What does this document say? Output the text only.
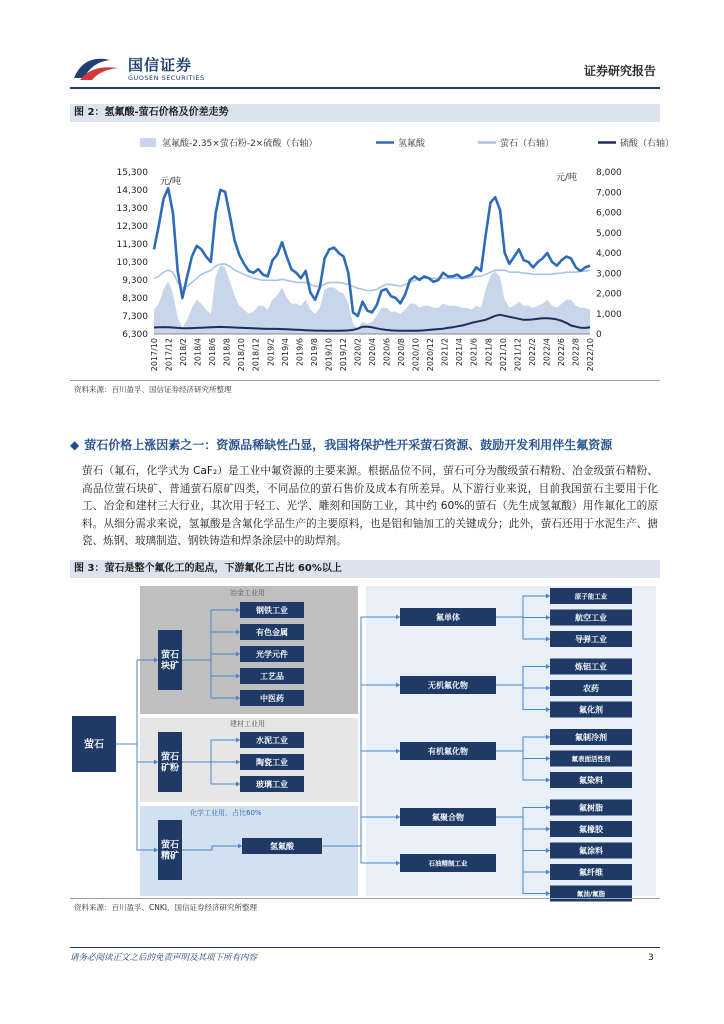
国信证券
GUOSEN SECURITIES	证券研究报告
图 2：氢氟酸-萤石价格及价差走势
氢氟酸-2.35×萤石粉-2×硫酸（右轴）	氢氟酸	萤石（右轴）	硫酸（右轴）
元/吨	元/吨
15,300
14,300
13,300
12,300
11,300
10,300
9,300
8,300
7,300
6,300
8,000
7,000
6,000
5,000
4,000
3,000
2,000
1,000
0
2017/10 2017/12 2018/2 2018/4 2018/6 2018/8 2018/10 2018/12 2019/2 2019/4 2019/6 2019/8 2019/10 2019/12 2020/2 2020/4 2020/6 2020/8 2020/10 2020/12 2021/2 2021/4 2021/6 2021/8 2021/10 2021/12 2022/2 2022/4 2022/6 2022/8 2022/10
资料来源：百川盈孚、国信证券经济研究所整理
◆ 萤石价格上涨因素之一：资源品稀缺性凸显，我国将保护性开采萤石资源、鼓励开发利用伴生氟资源
萤石（氟石，化学式为 CaF₂）是工业中氟资源的主要来源。根据品位不同，萤石可分为酸级萤石精粉、冶金级萤石精粉、高品位萤石块矿、普通萤石原矿四类，不同品位的萤石售价及成本有所差异。从下游行业来说，目前我国萤石主要用于化工、冶金和建材三大行业，其次用于轻工、光学、雕刻和国防工业，其中约 60%的萤石（先生成氢氟酸）用作氟化工的原料。从细分需求来说，氢氟酸是含氟化学品生产的主要原料，也是铝和铀加工的关键成分；此外，萤石还用于水泥生产、搪瓷、炼钢、玻璃制造、钢铁铸造和焊条涂层中的助焊剂。
图 3：萤石是整个氟化工的起点，下游氟化工占比 60%以上
冶金工业用
建材工业用
化学工业用，占比60%
萤石
萤石
块矿
钢铁工业
有色金属
光学元件
工艺品
中医药
萤石
矿粉
水泥工业
陶瓷工业
玻璃工业
萤石
精矿
氢氟酸
氟单体
无机氟化物
有机氟化物
氟聚合物
石油精制工业
原子能工业
航空工业
导弹工业
炼铝工业
农药
氟化剂
氟制冷剂
氟表面活性剂
氟染料
氟树脂
氟橡胶
氟涂料
氟纤维
氟油/氟脂
资料来源：百川盈孚、CNKI、国信证券经济研究所整理
请务必阅读正文之后的免责声明及其项下所有内容	3
